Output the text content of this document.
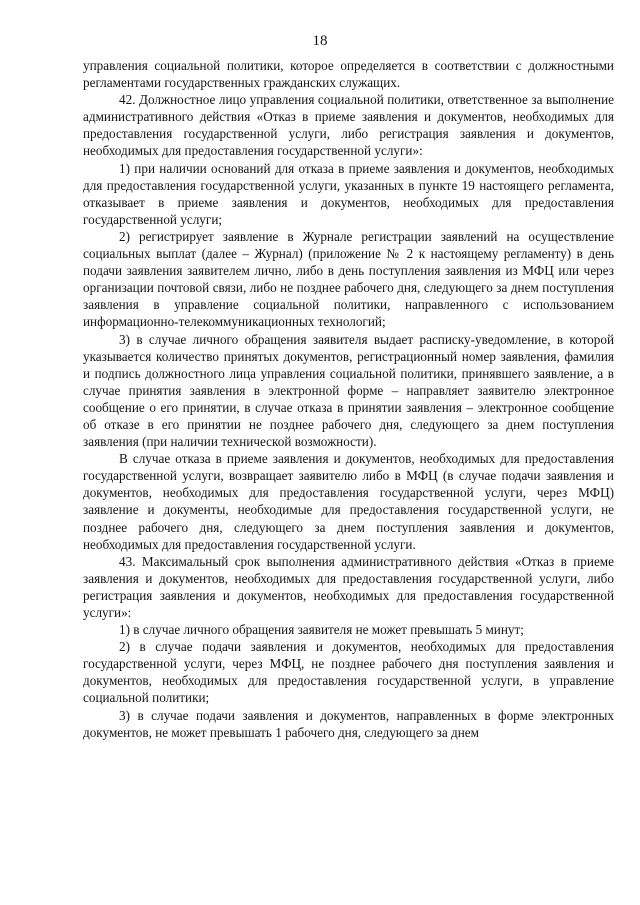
18

управления социальной политики, которое определяется в соответствии с должностными регламентами государственных гражданских служащих.

42. Должностное лицо управления социальной политики, ответственное за выполнение административного действия «Отказ в приеме заявления и документов, необходимых для предоставления государственной услуги, либо регистрация заявления и документов, необходимых для предоставления государственной услуги»:

1) при наличии оснований для отказа в приеме заявления и документов, необходимых для предоставления государственной услуги, указанных в пункте 19 настоящего регламента, отказывает в приеме заявления и документов, необходимых для предоставления государственной услуги;

2) регистрирует заявление в Журнале регистрации заявлений на осуществление социальных выплат (далее – Журнал) (приложение № 2 к настоящему регламенту) в день подачи заявления заявителем лично, либо в день поступления заявления из МФЦ или через организации почтовой связи, либо не позднее рабочего дня, следующего за днем поступления заявления в управление социальной политики, направленного с использованием информационно-телекоммуникационных технологий;

3) в случае личного обращения заявителя выдает расписку-уведомление, в которой указывается количество принятых документов, регистрационный номер заявления, фамилия и подпись должностного лица управления социальной политики, принявшего заявление, а в случае принятия заявления в электронной форме – направляет заявителю электронное сообщение о его принятии, в случае отказа в принятии заявления – электронное сообщение об отказе в его принятии не позднее рабочего дня, следующего за днем поступления заявления (при наличии технической возможности).

В случае отказа в приеме заявления и документов, необходимых для предоставления государственной услуги, возвращает заявителю либо в МФЦ (в случае подачи заявления и документов, необходимых для предоставления государственной услуги, через МФЦ) заявление и документы, необходимые для предоставления государственной услуги, не позднее рабочего дня, следующего за днем поступления заявления и документов, необходимых для предоставления государственной услуги.

43. Максимальный срок выполнения административного действия «Отказ в приеме заявления и документов, необходимых для предоставления государственной услуги, либо регистрация заявления и документов, необходимых для предоставления государственной услуги»:

1) в случае личного обращения заявителя не может превышать 5 минут;

2) в случае подачи заявления и документов, необходимых для предоставления государственной услуги, через МФЦ, не позднее рабочего дня поступления заявления и документов, необходимых для предоставления государственной услуги, в управление социальной политики;

3) в случае подачи заявления и документов, направленных в форме электронных документов, не может превышать 1 рабочего дня, следующего за днем
